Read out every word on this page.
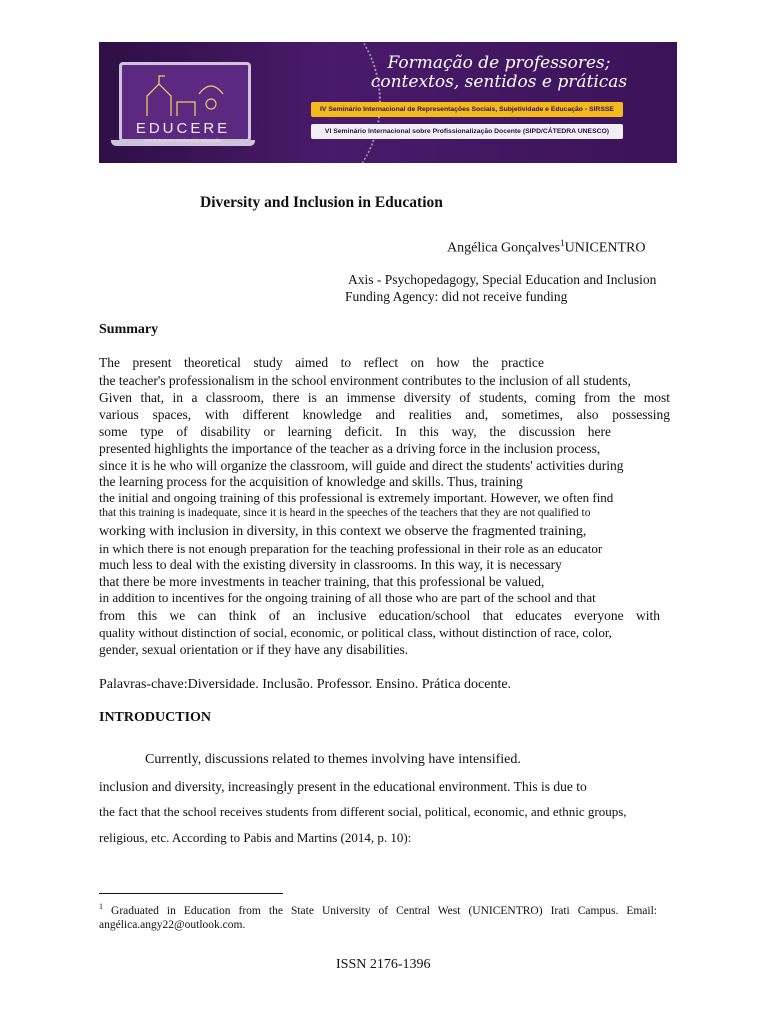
EDUCERE
XIII Congresso Nacional de Educação
Formação de professores;
contextos, sentidos e práticas
IV Seminário Internacional de Representações Sociais, Subjetividade e Educação - SIRSSE
VI Seminário Internacional sobre Profissionalização Docente (SIPD/CÁTEDRA UNESCO)
Diversity and Inclusion in Education
Angélica Gonçalves$^1$UNICENTRO
Axis - Psychopedagogy, Special Education and Inclusion
Funding Agency: did not receive funding
Summary
The present theoretical study aimed to reflect on how the practice
the teacher's professionalism in the school environment contributes to the inclusion of all students,
Given that, in a classroom, there is an immense diversity of students, coming from the most
various spaces, with different knowledge and realities and, sometimes, also possessing
some type of disability or learning deficit. In this way, the discussion here
presented highlights the importance of the teacher as a driving force in the inclusion process,
since it is he who will organize the classroom, will guide and direct the students' activities during
the learning process for the acquisition of knowledge and skills. Thus, training
the initial and ongoing training of this professional is extremely important. However, we often find
that this training is inadequate, since it is heard in the speeches of the teachers that they are not qualified to
working with inclusion in diversity, in this context we observe the fragmented training,
in which there is not enough preparation for the teaching professional in their role as an educator
much less to deal with the existing diversity in classrooms. In this way, it is necessary
that there be more investments in teacher training, that this professional be valued,
in addition to incentives for the ongoing training of all those who are part of the school and that
from this we can think of an inclusive education/school that educates everyone with
quality without distinction of social, economic, or political class, without distinction of race, color,
gender, sexual orientation or if they have any disabilities.
Palavras-chave:Diversidade. Inclusão. Professor. Ensino. Prática docente.
INTRODUCTION
Currently, discussions related to themes involving have intensified.
inclusion and diversity, increasingly present in the educational environment. This is due to
the fact that the school receives students from different social, political, economic, and ethnic groups,
religious, etc. According to Pabis and Martins (2014, p. 10):
$^1$ Graduated in Education from the State University of Central West (UNICENTRO) Irati Campus. Email: angélica.angy22@outlook.com.
ISSN 2176-1396
